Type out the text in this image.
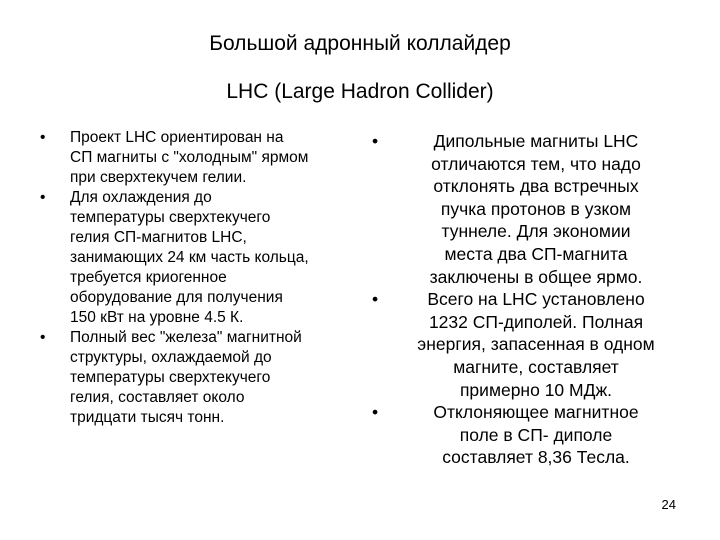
Большой адронный коллайдер
LHC (Large Hadron Collider)
• Проект LHC ориентирован на
СП магниты с "холодным" ярмом
при сверхтекучем гелии.
• Для охлаждения до
температуры сверхтекучего
гелия СП-магнитов LHC,
занимающих 24 км часть кольца,
требуется криогенное
оборудование для получения
150 кВт на уровне 4.5 К.
• Полный вес "железа" магнитной
структуры, охлаждаемой до
температуры сверхтекучего
гелия, составляет около
тридцати тысяч тонн.
•	Дипольные магниты LHC
отличаются тем, что надо
отклонять два встречных
пучка протонов в узком
туннеле. Для экономии
места два СП-магнита
заключены в общее ярмо.
•	Всего на LHC установлено
1232 СП-диполей. Полная
энергия, запасенная в одном
магните, составляет
примерно 10 МДж.
•	Отклоняющее магнитное
поле в СП- диполе
составляет 8,36 Тесла.
24
